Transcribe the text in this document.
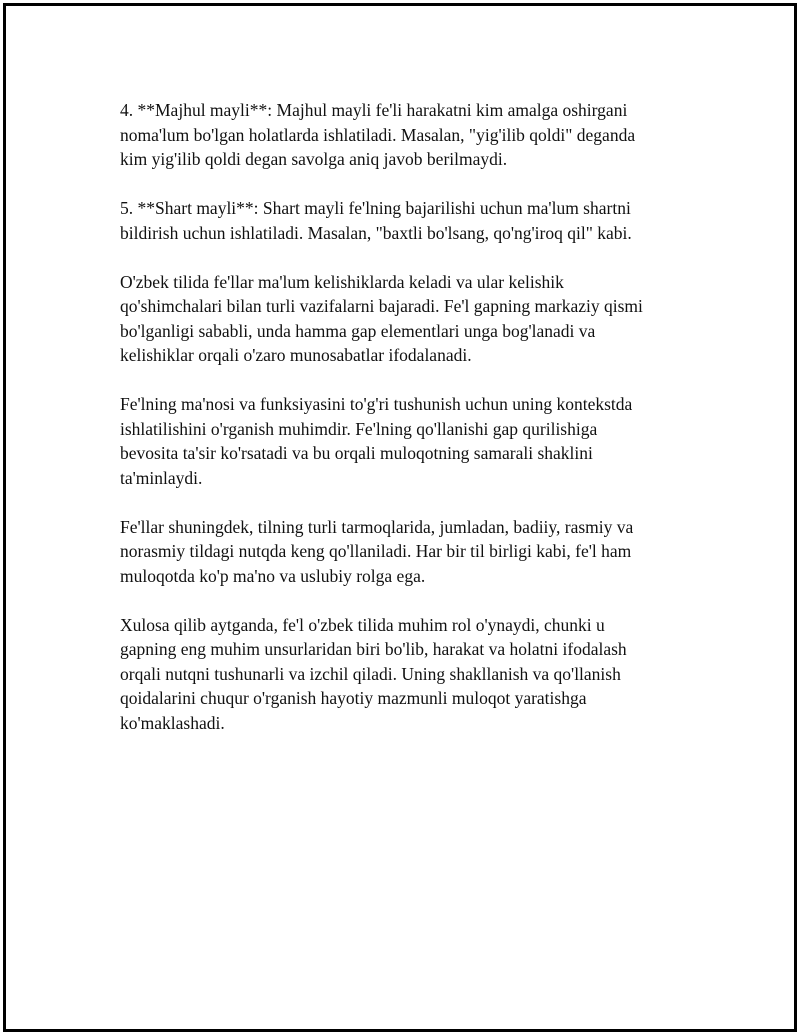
4. **Majhul mayli**: Majhul mayli fe'li harakatni kim amalga oshirgani
noma'lum bo'lgan holatlarda ishlatiladi. Masalan, "yig'ilib qoldi" deganda
kim yig'ilib qoldi degan savolga aniq javob berilmaydi.

5. **Shart mayli**: Shart mayli fe'lning bajarilishi uchun ma'lum shartni
bildirish uchun ishlatiladi. Masalan, "baxtli bo'lsang, qo'ng'iroq qil" kabi.

O'zbek tilida fe'llar ma'lum kelishiklarda keladi va ular kelishik
qo'shimchalari bilan turli vazifalarni bajaradi. Fe'l gapning markaziy qismi
bo'lganligi sababli, unda hamma gap elementlari unga bog'lanadi va
kelishiklar orqali o'zaro munosabatlar ifodalanadi.

Fe'lning ma'nosi va funksiyasini to'g'ri tushunish uchun uning kontekstda
ishlatilishini o'rganish muhimdir. Fe'lning qo'llanishi gap qurilishiga
bevosita ta'sir ko'rsatadi va bu orqali muloqotning samarali shaklini
ta'minlaydi.

Fe'llar shuningdek, tilning turli tarmoqlarida, jumladan, badiiy, rasmiy va
norasmiy tildagi nutqda keng qo'llaniladi. Har bir til birligi kabi, fe'l ham
muloqotda ko'p ma'no va uslubiy rolga ega.

Xulosa qilib aytganda, fe'l o'zbek tilida muhim rol o'ynaydi, chunki u
gapning eng muhim unsurlaridan biri bo'lib, harakat va holatni ifodalash
orqali nutqni tushunarli va izchil qiladi. Uning shakllanish va qo'llanish
qoidalarini chuqur o'rganish hayotiy mazmunli muloqot yaratishga
ko'maklashadi.
